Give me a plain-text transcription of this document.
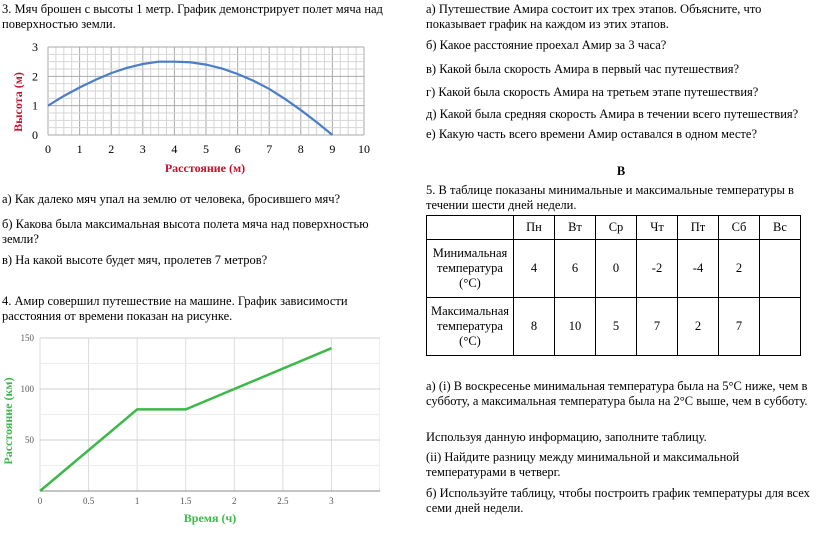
3. Мяч брошен с высоты 1 метр. График демонстрирует полет мяча над поверхностью земли.

0 1 2 3 4 5 6 7 8 9 10
0
1
2
3
Расстояние (м)
Высота (м)

а) Как далеко мяч упал на землю от человека, бросившего мяч?

б) Какова была максимальная высота полета мяча над поверхностью земли?

в) На какой высоте будет мяч, пролетев 7 метров?

4. Амир совершил путешествие на машине. График зависимости расстояния от времени показан на рисунке.

0	0.5	1	1.5	2	2.5	3
50
100
150
Время (ч)
Расстояние (км)

а) Путешествие Амира состоит их трех этапов. Объясните, что показывает график на каждом из этих этапов.

б) Какое расстояние проехал Амир за 3 часа?

в) Какой была скорость Амира в первый час путешествия?

г) Какой была скорость Амира на третьем этапе путешествия?

д) Какой была средняя скорость Амира в течении всего путешествия?

е) Какую часть всего времени Амир оставался в одном месте?

B

5. В таблице показаны минимальные и максимальные температуры в течении шести дней недели.

	Пн	Вт	Ср	Чт	Пт	Сб	Вс
Минимальная температура (°C)	4	6	0	-2	-4	2	
Максимальная температура (°C)	8	10	5	7	2	7	

а) (i) В воскресенье минимальная температура была на 5°C ниже, чем в субботу, а максимальная температура была на 2°C выше, чем в субботу.

Используя данную информацию, заполните таблицу.

(ii) Найдите разницу между минимальной и максимальной температурами в четверг.

б) Используйте таблицу, чтобы построить график температуры для всех семи дней недели.
